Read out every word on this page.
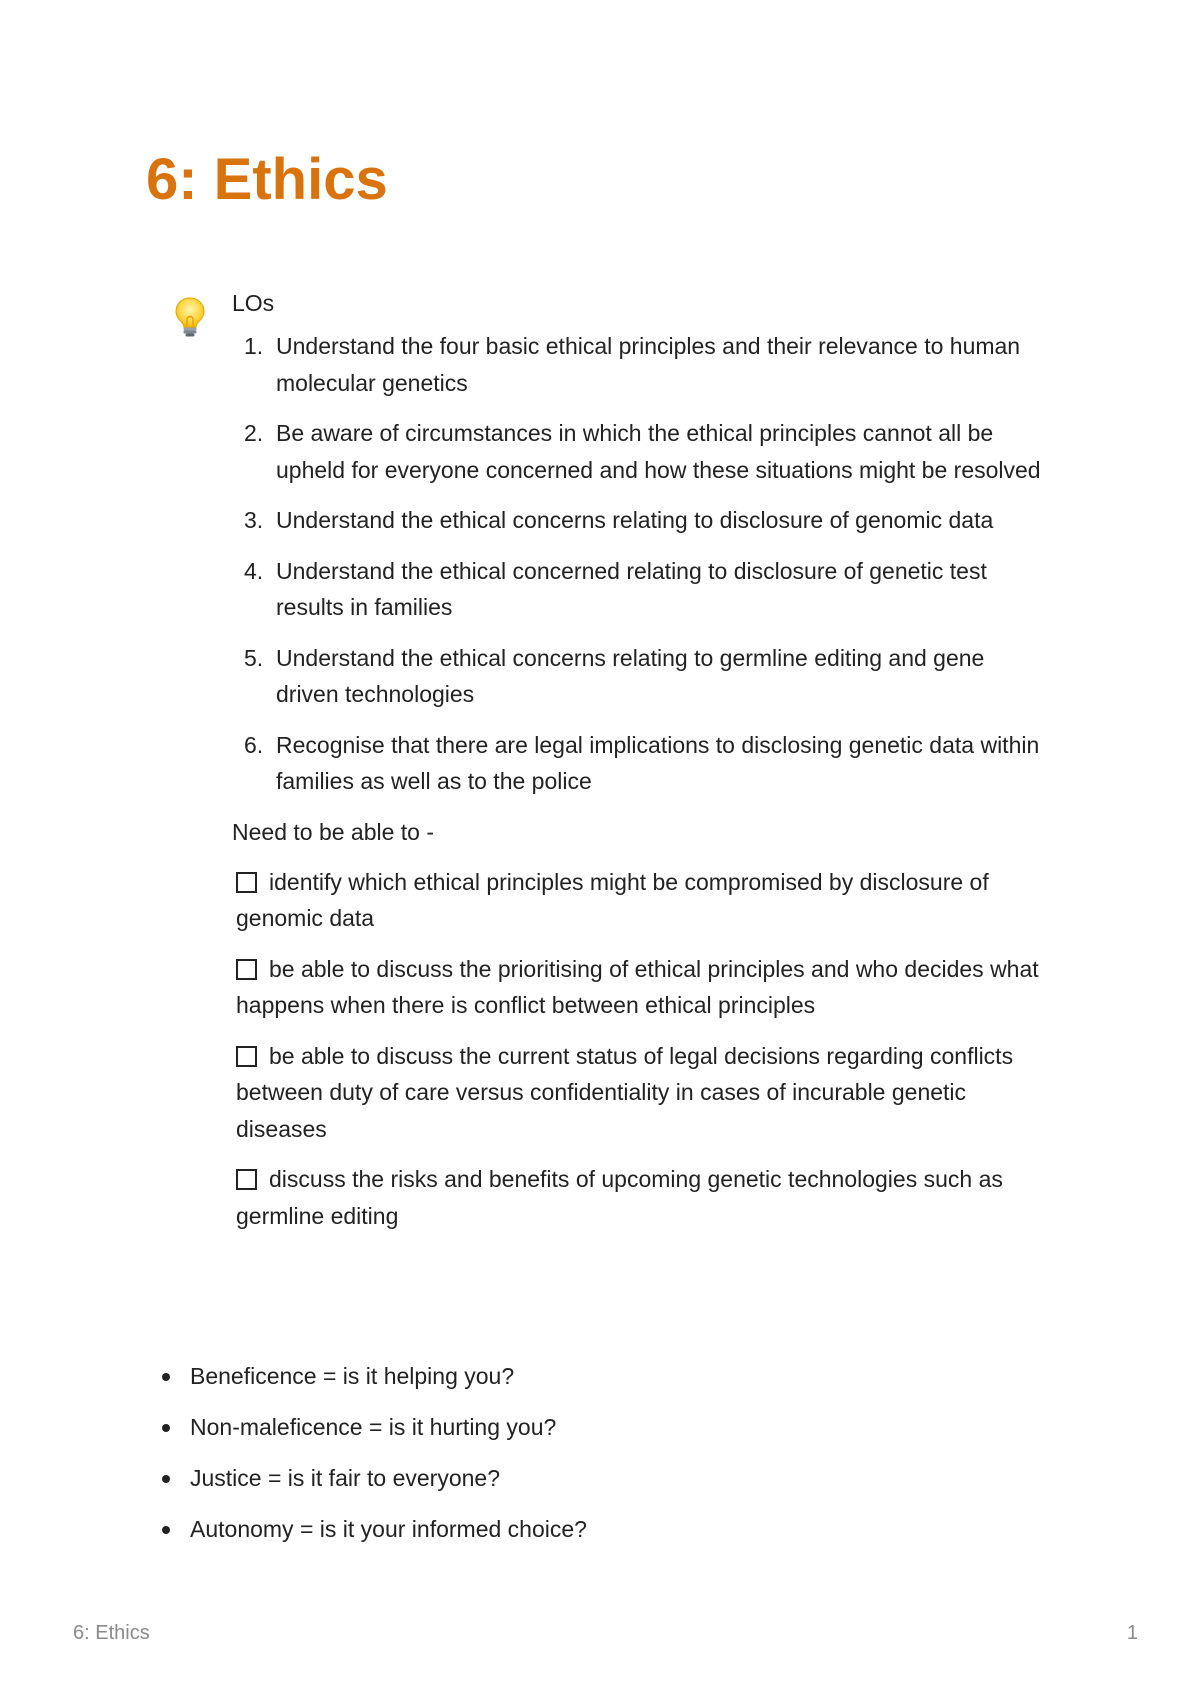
6: Ethics
LOs
1. Understand the four basic ethical principles and their relevance to human molecular genetics
2. Be aware of circumstances in which the ethical principles cannot all be upheld for everyone concerned and how these situations might be resolved
3. Understand the ethical concerns relating to disclosure of genomic data
4. Understand the ethical concerned relating to disclosure of genetic test results in families
5. Understand the ethical concerns relating to germline editing and gene driven technologies
6. Recognise that there are legal implications to disclosing genetic data within families as well as to the police
Need to be able to -
identify which ethical principles might be compromised by disclosure of genomic data
be able to discuss the prioritising of ethical principles and who decides what happens when there is conflict between ethical principles
be able to discuss the current status of legal decisions regarding conflicts between duty of care versus confidentiality in cases of incurable genetic diseases
discuss the risks and benefits of upcoming genetic technologies such as germline editing
Beneficence = is it helping you?
Non-maleficence = is it hurting you?
Justice = is it fair to everyone?
Autonomy = is it your informed choice?
6: Ethics	1
